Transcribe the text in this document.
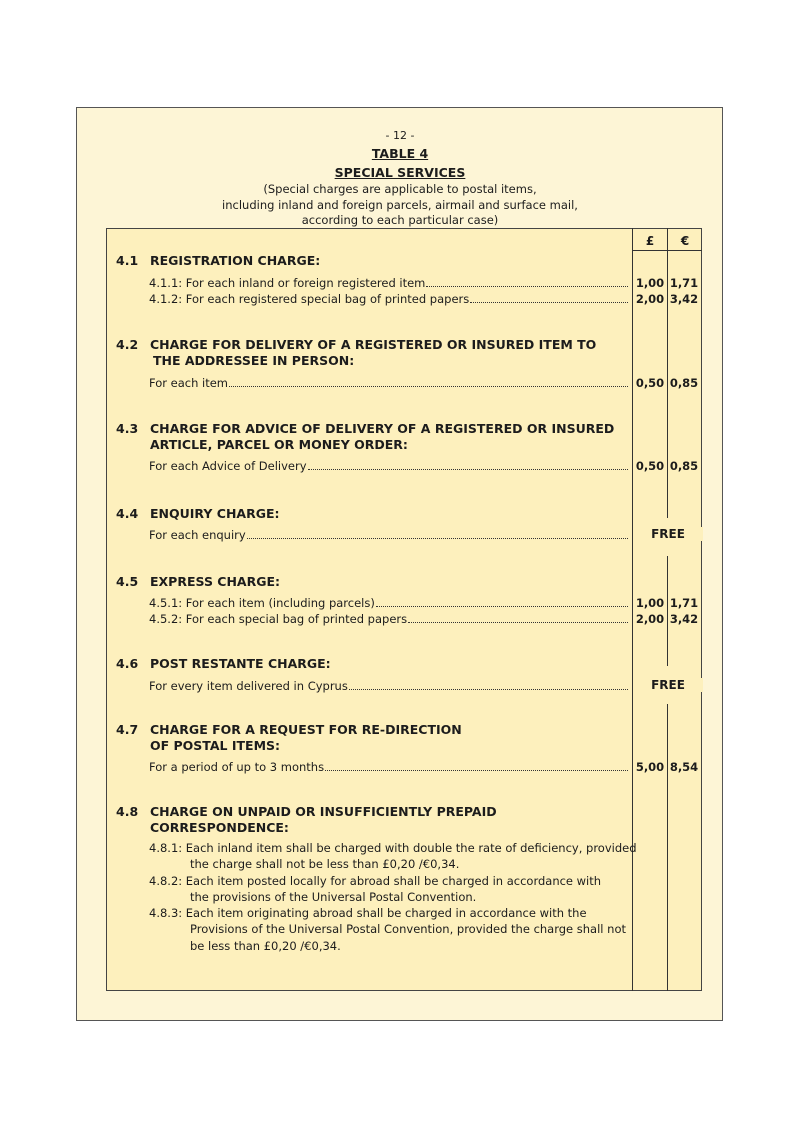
- 12 -
TABLE 4
SPECIAL SERVICES
(Special charges are applicable to postal items,
including inland and foreign parcels, airmail and surface mail,
according to each particular case)
£	€
4.1 REGISTRATION CHARGE:
4.1.1: For each inland or foreign registered item	1,00 1,71
4.1.2: For each registered special bag of printed papers	2,00 3,42
4.2 CHARGE FOR DELIVERY OF A REGISTERED OR INSURED ITEM TO
THE ADDRESSEE IN PERSON:
For each item	0,50 0,85
4.3 CHARGE FOR ADVICE OF DELIVERY OF A REGISTERED OR INSURED
ARTICLE, PARCEL OR MONEY ORDER:
For each Advice of Delivery	0,50 0,85
4.4 ENQUIRY CHARGE:
For each enquiry	FREE
4.5 EXPRESS CHARGE:
4.5.1: For each item (including parcels)	1,00 1,71
4.5.2: For each special bag of printed papers	2,00 3,42
4.6 POST RESTANTE CHARGE:
For every item delivered in Cyprus	FREE
4.7 CHARGE FOR A REQUEST FOR RE-DIRECTION
OF POSTAL ITEMS:
For a period of up to 3 months	5,00 8,54
4.8 CHARGE ON UNPAID OR INSUFFICIENTLY PREPAID
CORRESPONDENCE:
4.8.1: Each inland item shall be charged with double the rate of deficiency, provided
the charge shall not be less than £0,20 /€0,34.
4.8.2: Each item posted locally for abroad shall be charged in accordance with
the provisions of the Universal Postal Convention.
4.8.3: Each item originating abroad shall be charged in accordance with the
Provisions of the Universal Postal Convention, provided the charge shall not
be less than £0,20 /€0,34.
